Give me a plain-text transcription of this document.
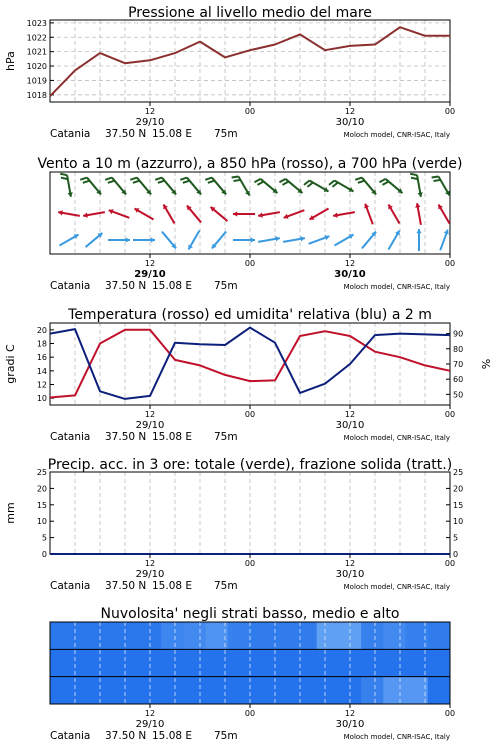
Pressione al livello medio del mare
1018
1019
1020
1021
1022
1023
hPa
12	00	12	00
29/10	30/10
Catania 37.50 N 15.08 E 75m	Moloch model, CNR-ISAC, Italy
Vento a 10 m (azzurro), a 850 hPa (rosso), a 700 hPa (verde)
12	00	12	00
29/10	30/10
Catania 37.50 N 15.08 E 75m	Moloch model, CNR-ISAC, Italy
Temperatura (rosso) ed umidita' relativa (blu) a 2 m
10
12
14
16
18
20
50
60
70
80
90
gradi C	%
12	00	12	00
29/10	30/10
Catania 37.50 N 15.08 E 75m	Moloch model, CNR-ISAC, Italy
Precip. acc. in 3 ore: totale (verde), frazione solida (tratt.)
0
5
10
15
20
25
0
5
10
15
20
25
mm
12	00	12	00
29/10	30/10
Catania 37.50 N 15.08 E 75m	Moloch model, CNR-ISAC, Italy
Nuvolosita' negli strati basso, medio e alto
12	00	12	00
29/10	30/10
Catania 37.50 N 15.08 E 75m	Moloch model, CNR-ISAC, Italy
